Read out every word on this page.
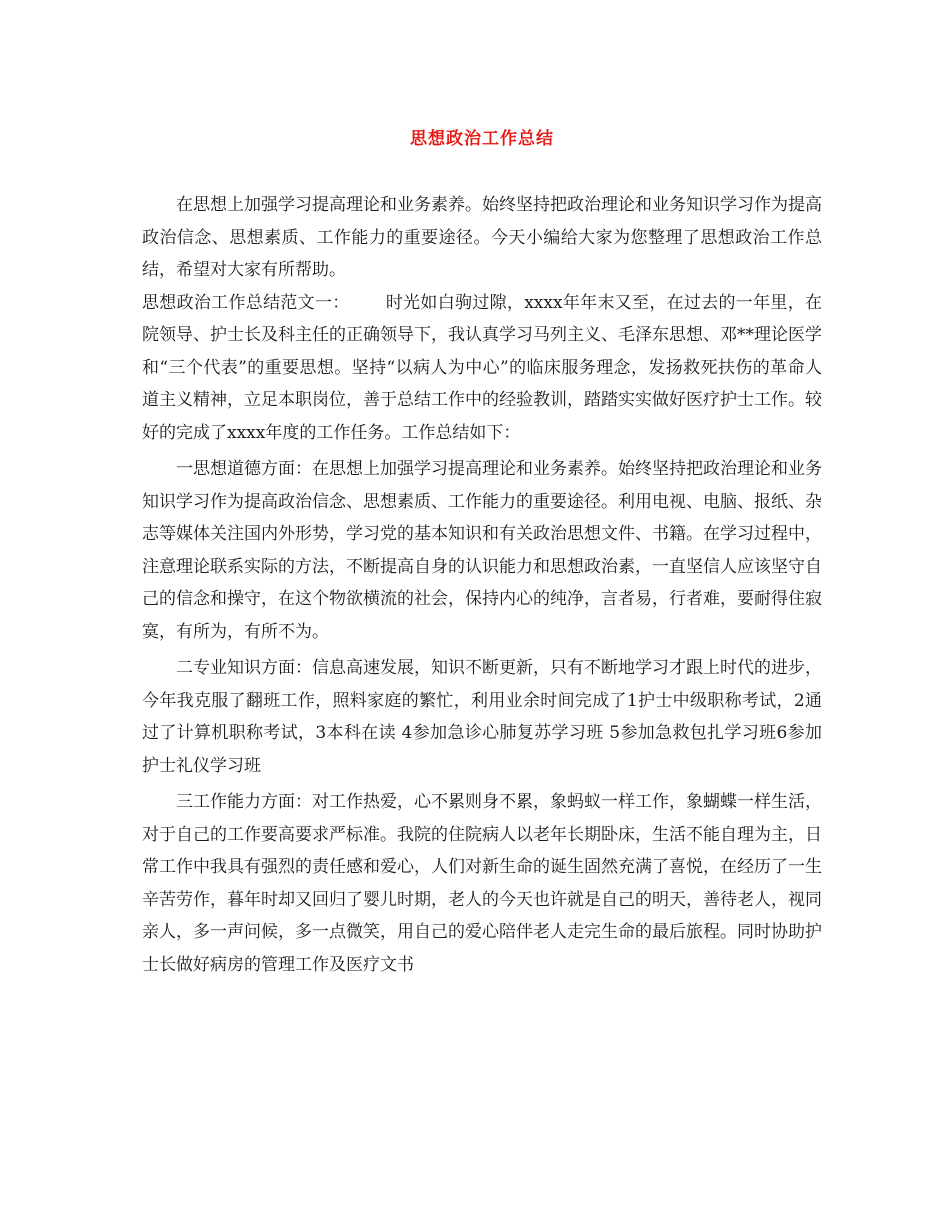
思想政治工作总结

在思想上加强学习提高理论和业务素养。始终坚持把政治理论和业务知识学习作为提高政治信念、思想素质、工作能力的重要途径。今天小编给大家为您整理了思想政治工作总结，希望对大家有所帮助。

思想政治工作总结范文一： 时光如白驹过隙，xxxx年年末又至，在过去的一年里，在院领导、护士长及科主任的正确领导下，我认真学习马列主义、毛泽东思想、邓**理论医学和“三个代表”的重要思想。坚持“以病人为中心”的临床服务理念，发扬救死扶伤的革命人道主义精神，立足本职岗位，善于总结工作中的经验教训，踏踏实实做好医疗护士工作。较好的完成了xxxx年度的工作任务。工作总结如下：

一思想道德方面：在思想上加强学习提高理论和业务素养。始终坚持把政治理论和业务知识学习作为提高政治信念、思想素质、工作能力的重要途径。利用电视、电脑、报纸、杂志等媒体关注国内外形势，学习党的基本知识和有关政治思想文件、书籍。在学习过程中，注意理论联系实际的方法，不断提高自身的认识能力和思想政治素，一直坚信人应该坚守自己的信念和操守，在这个物欲横流的社会，保持内心的纯净，言者易，行者难，要耐得住寂寞，有所为，有所不为。

二专业知识方面：信息高速发展，知识不断更新，只有不断地学习才跟上时代的进步，今年我克服了翻班工作，照料家庭的繁忙，利用业余时间完成了1护士中级职称考试，2通过了计算机职称考试，3本科在读 4参加急诊心肺复苏学习班 5参加急救包扎学习班6参加护士礼仪学习班

三工作能力方面：对工作热爱，心不累则身不累，象蚂蚁一样工作，象蝴蝶一样生活，对于自己的工作要高要求严标准。我院的住院病人以老年长期卧床，生活不能自理为主，日常工作中我具有强烈的责任感和爱心，人们对新生命的诞生固然充满了喜悦，在经历了一生辛苦劳作，暮年时却又回归了婴儿时期，老人的今天也许就是自己的明天，善待老人，视同亲人，多一声问候，多一点微笑，用自己的爱心陪伴老人走完生命的最后旅程。同时协助护士长做好病房的管理工作及医疗文书
